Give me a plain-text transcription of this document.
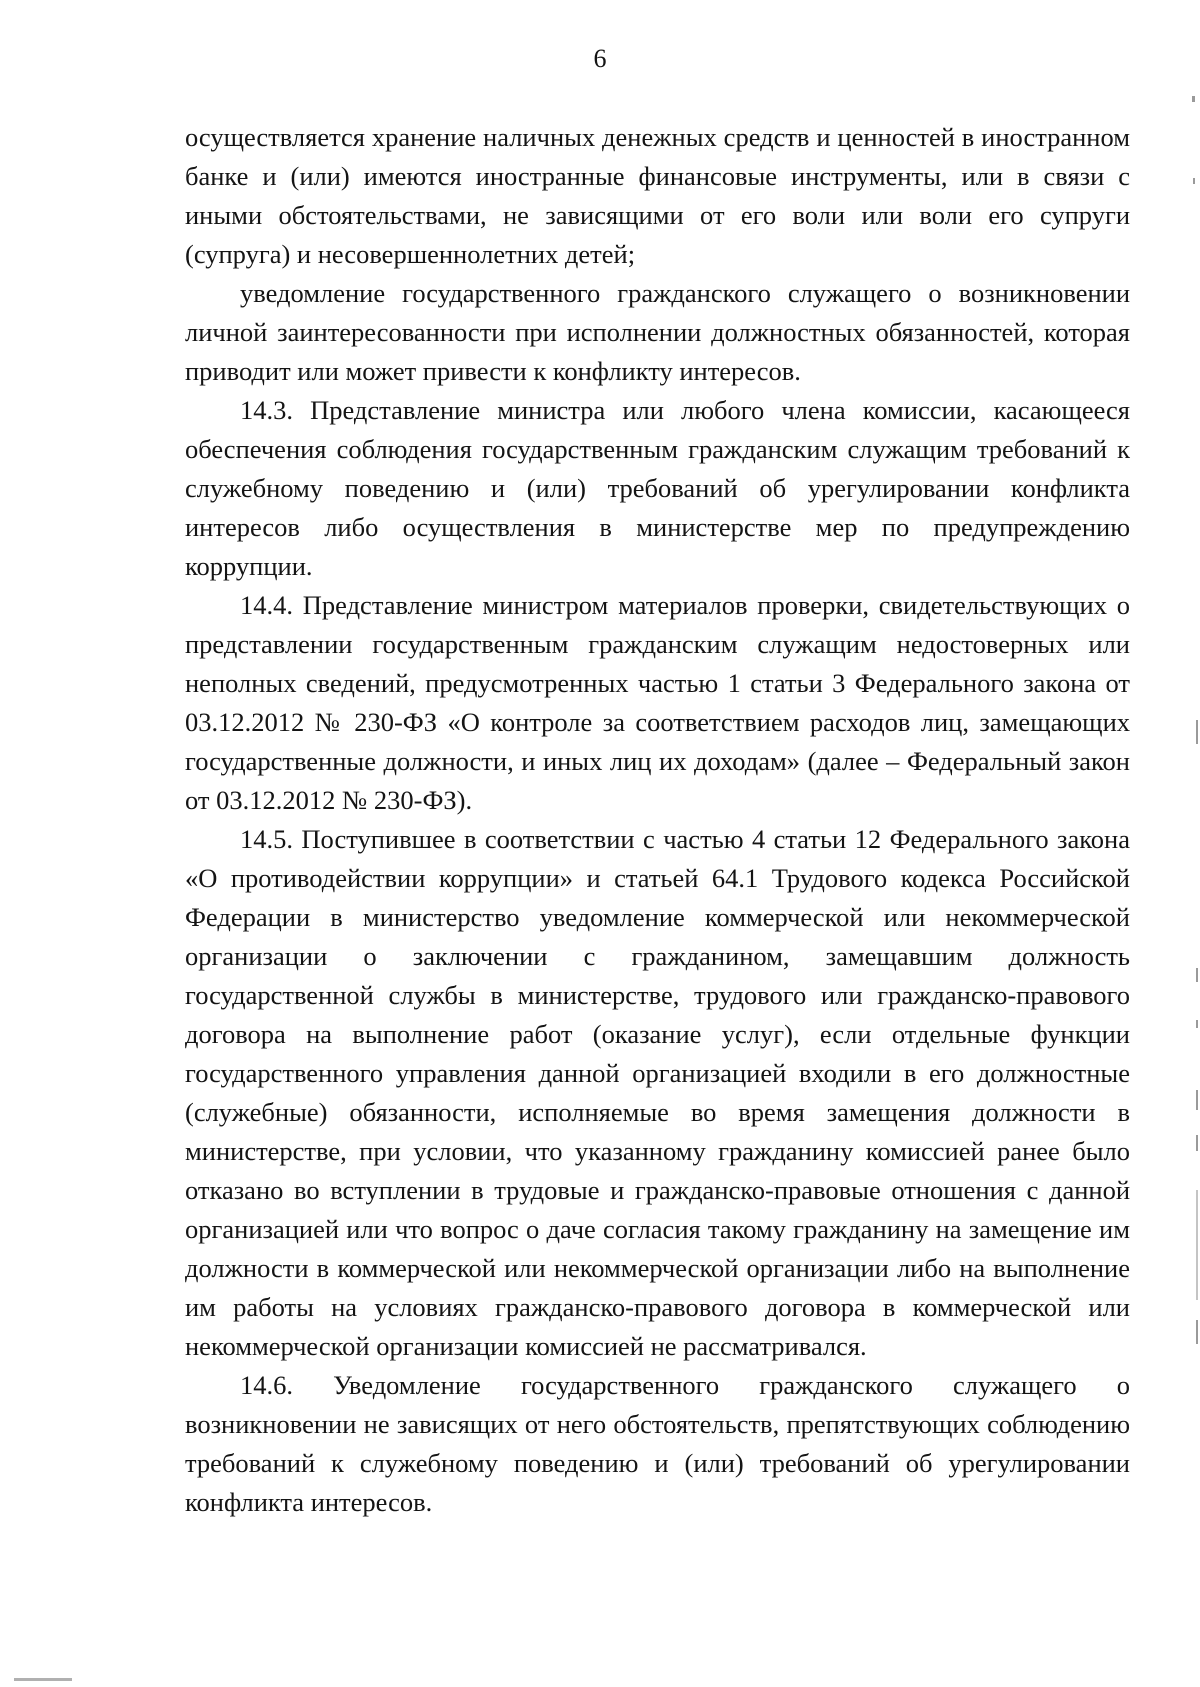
6

осуществляется хранение наличных денежных средств и ценностей в иностранном банке и (или) имеются иностранные финансовые инструменты, или в связи с иными обстоятельствами, не зависящими от его воли или воли его супруги (супруга) и несовершеннолетних детей;

уведомление государственного гражданского служащего о возникновении личной заинтересованности при исполнении должностных обязанностей, которая приводит или может привести к конфликту интересов.

14.3. Представление министра или любого члена комиссии, касающееся обеспечения соблюдения государственным гражданским служащим требований к служебному поведению и (или) требований об урегулировании конфликта интересов либо осуществления в министерстве мер по предупреждению коррупции.

14.4. Представление министром материалов проверки, свидетельствующих о представлении государственным гражданским служащим недостоверных или неполных сведений, предусмотренных частью 1 статьи 3 Федерального закона от 03.12.2012 № 230-ФЗ «О контроле за соответствием расходов лиц, замещающих государственные должности, и иных лиц их доходам» (далее – Федеральный закон от 03.12.2012 № 230-ФЗ).

14.5. Поступившее в соответствии с частью 4 статьи 12 Федерального закона «О противодействии коррупции» и статьей 64.1 Трудового кодекса Российской Федерации в министерство уведомление коммерческой или некоммерческой организации о заключении с гражданином, замещавшим должность государственной службы в министерстве, трудового или гражданско-правового договора на выполнение работ (оказание услуг), если отдельные функции государственного управления данной организацией входили в его должностные (служебные) обязанности, исполняемые во время замещения должности в министерстве, при условии, что указанному гражданину комиссией ранее было отказано во вступлении в трудовые и гражданско-правовые отношения с данной организацией или что вопрос о даче согласия такому гражданину на замещение им должности в коммерческой или некоммерческой организации либо на выполнение им работы на условиях гражданско-правового договора в коммерческой или некоммерческой организации комиссией не рассматривался.

14.6. Уведомление государственного гражданского служащего о возникновении не зависящих от него обстоятельств, препятствующих соблюдению требований к служебному поведению и (или) требований об урегулировании конфликта интересов.
